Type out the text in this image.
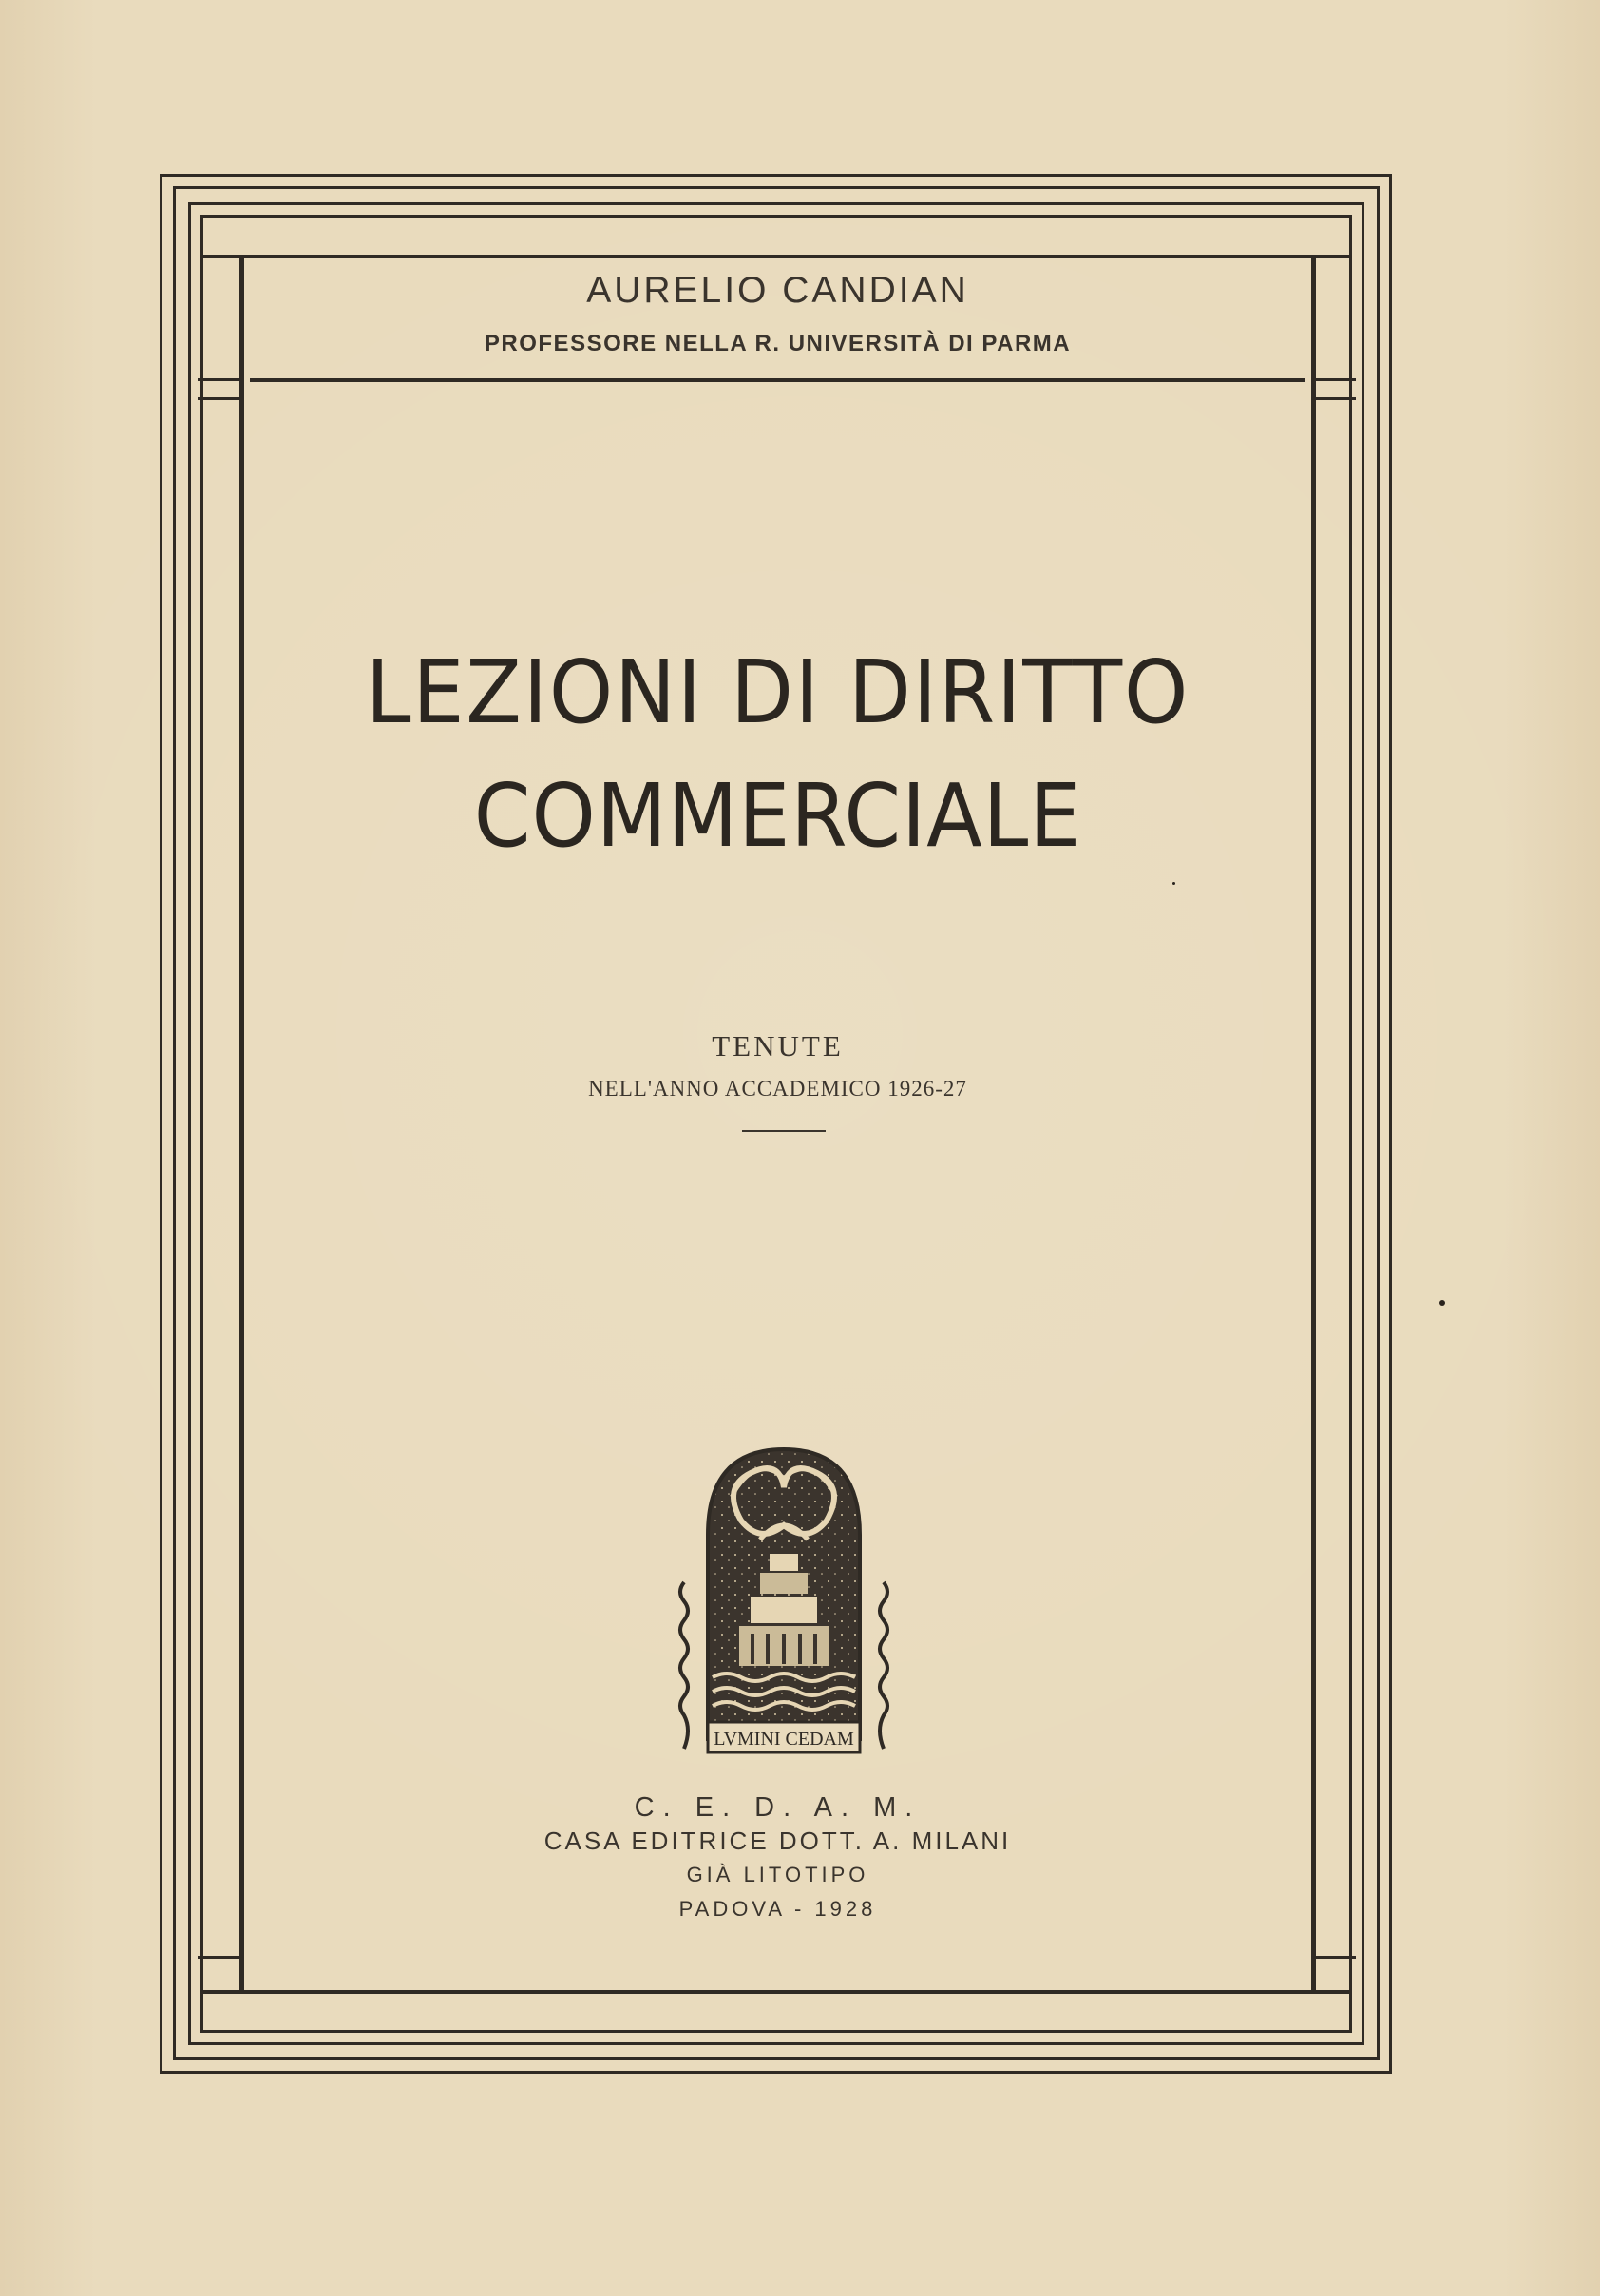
AURELIO CANDIAN
PROFESSORE NELLA R. UNIVERSITÀ DI PARMA
LEZIONI DI DIRITTO
COMMERCIALE
TENUTE
NELL'ANNO ACCADEMICO 1926-27
LVMINI CEDAM
C. E. D. A. M.
CASA EDITRICE DOTT. A. MILANI
GIÀ LITOTIPO
PADOVA - 1928
